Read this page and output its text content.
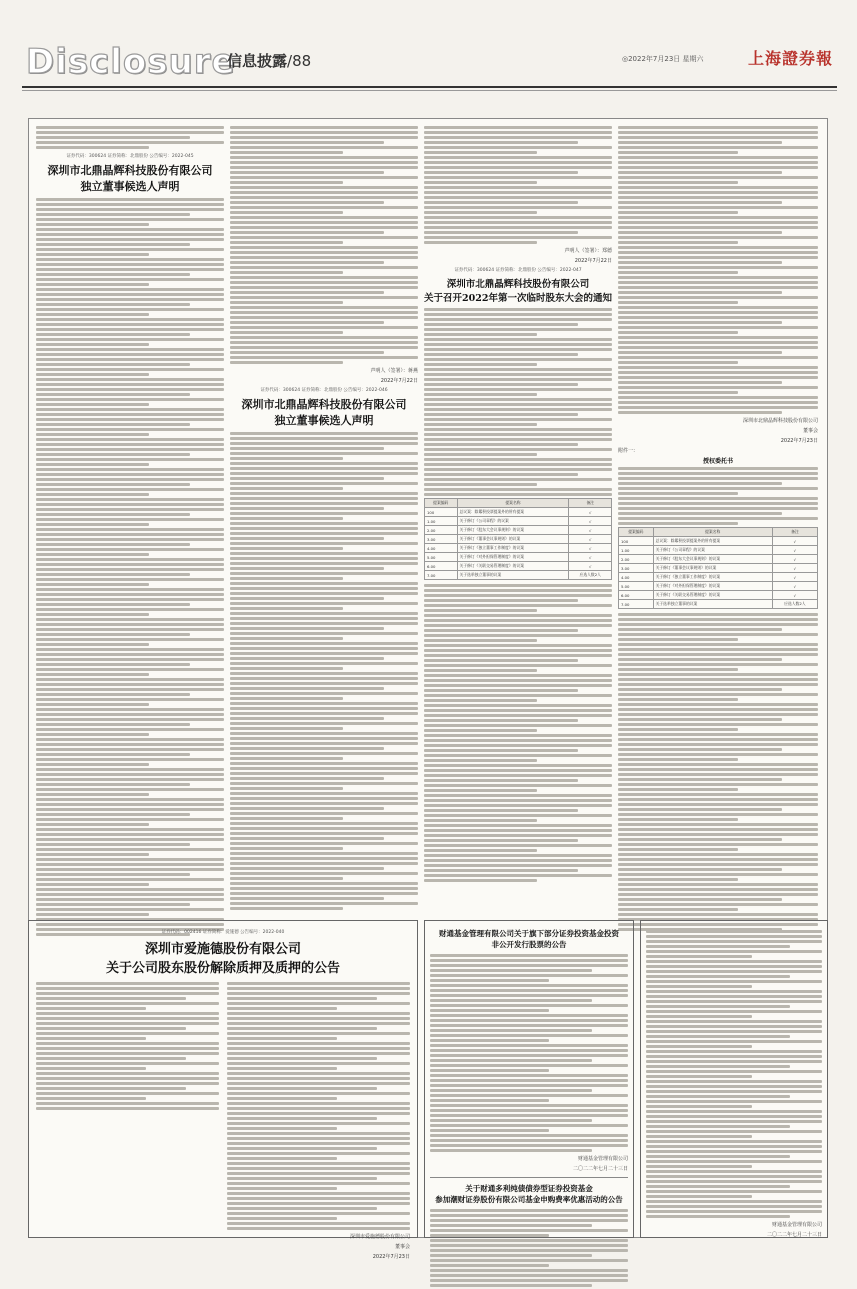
Disclosure
信息披露/88	◎2022年7月23日 星期六	上海證券報
证券代码：300624 证券简称：北鼎股份 公告编号：2022-045
深圳市北鼎晶辉科技股份有限公司
独立董事候选人声明
声明人（签署）：蒋燕
2022年7月22日
证券代码：300624 证券简称：北鼎股份 公告编号：2022-046
深圳市北鼎晶辉科技股份有限公司
独立董事候选人声明
声明人（签署）：郑德
2022年7月22日
证券代码：300624 证券简称：北鼎股份 公告编号：2022-047
深圳市北鼎晶辉科技股份有限公司
关于召开2022年第一次临时股东大会的通知
提案编码	提案名称	备注
100	总议案：除累积投票提案外的所有提案	√
1.00	关于修订《公司章程》的议案	√
2.00	关于修订《股东大会议事规则》的议案	√
3.00	关于修订《董事会议事规则》的议案	√
4.00	关于修订《独立董事工作制度》的议案	√
5.00	关于修订《对外担保管理制度》的议案	√
6.00	关于修订《关联交易管理制度》的议案	√
7.00	关于选举独立董事的议案	应选人数2人
深圳市北鼎晶辉科技股份有限公司
董事会
2022年7月23日
附件一：
授权委托书
提案编码	提案名称	备注
100	总议案：除累积投票提案外的所有提案	√
1.00	关于修订《公司章程》的议案	√
2.00	关于修订《股东大会议事规则》的议案	√
3.00	关于修订《董事会议事规则》的议案	√
4.00	关于修订《独立董事工作制度》的议案	√
5.00	关于修订《对外担保管理制度》的议案	√
6.00	关于修订《关联交易管理制度》的议案	√
7.00	关于选举独立董事的议案	应选人数2人
证券代码：002416 证券简称：爱施德 公告编号：2022-040
深圳市爱施德股份有限公司
关于公司股东股份解除质押及质押的公告
深圳市爱施德股份有限公司
董事会
2022年7月23日
财通基金管理有限公司关于旗下部分证券投资基金投资
非公开发行股票的公告
财通基金管理有限公司
二〇二二年七月二十三日
关于财通多利纯债债券型证券投资基金
参加潮财证券股份有限公司基金申购费率优惠活动的公告
财通基金管理有限公司
二〇二二年七月二十三日
